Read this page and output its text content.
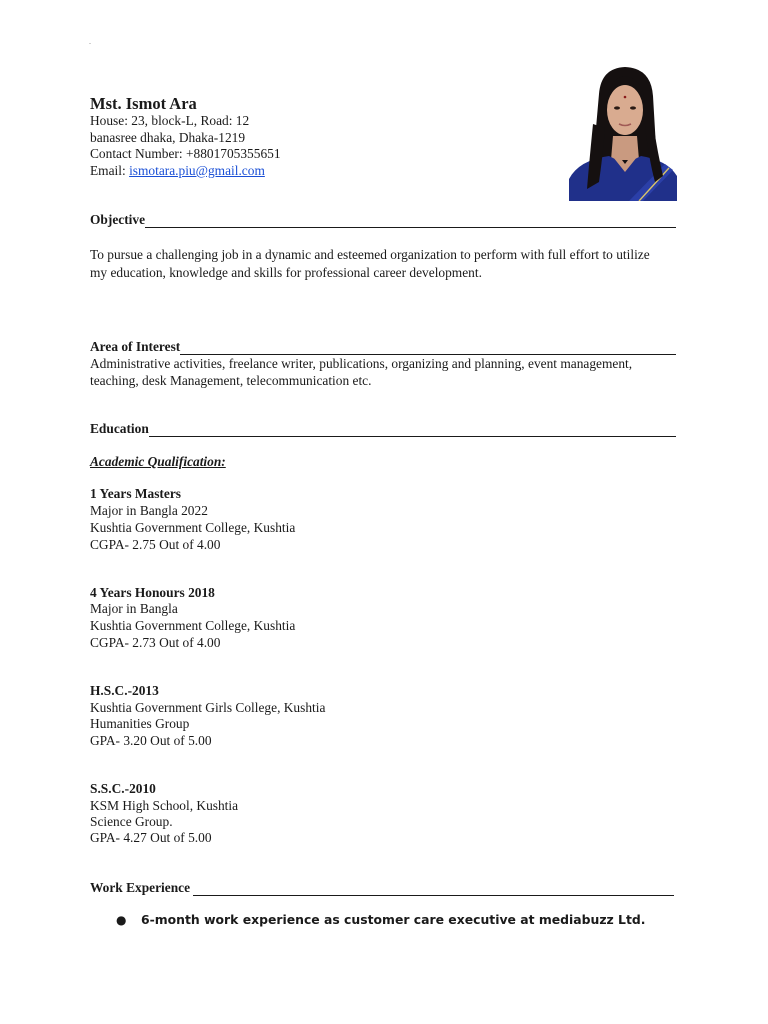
.
Mst. Ismot Ara
House: 23, block-L, Road: 12
banasree dhaka, Dhaka-1219
Contact Number: +8801705355651
Email: ismotara.piu@gmail.com
Objective
To pursue a challenging job in a dynamic and esteemed organization to perform with full effort to utilize
my education, knowledge and skills for professional career development.
Area of Interest
Administrative activities, freelance writer, publications, organizing and planning, event management,
teaching, desk Management, telecommunication etc.
Education
Academic Qualification:
1 Years Masters
Major in Bangla 2022
Kushtia Government College, Kushtia
CGPA- 2.75 Out of 4.00
4 Years Honours 2018
Major in Bangla
Kushtia Government College, Kushtia
CGPA- 2.73 Out of 4.00
H.S.C.-2013
Kushtia Government Girls College, Kushtia
Humanities Group
GPA- 3.20 Out of 5.00
S.S.C.-2010
KSM High School, Kushtia
Science Group.
GPA- 4.27 Out of 5.00
Work Experience
●	6-month work experience as customer care executive at mediabuzz Ltd.
